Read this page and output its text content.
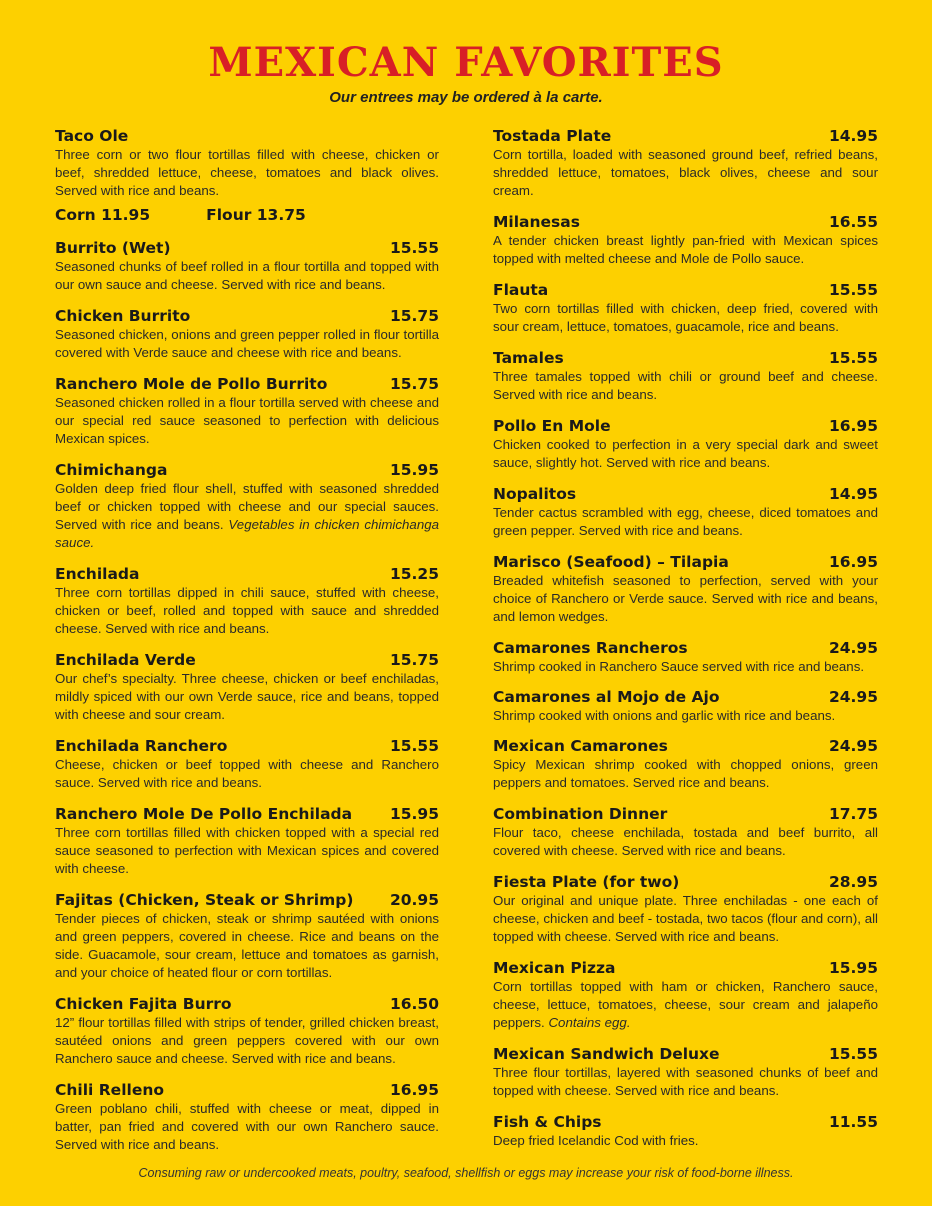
MEXICAN FAVORITES
Our entrees may be ordered à la carte.
Taco Ole
Three corn or two flour tortillas filled with cheese, chicken or beef, shredded lettuce, cheese, tomatoes and black olives. Served with rice and beans.
Corn 11.95	Flour 13.75
Burrito (Wet)	15.55
Seasoned chunks of beef rolled in a flour tortilla and topped with our own sauce and cheese. Served with rice and beans.
Chicken Burrito	15.75
Seasoned chicken, onions and green pepper rolled in flour tortilla covered with Verde sauce and cheese with rice and beans.
Ranchero Mole de Pollo Burrito	15.75
Seasoned chicken rolled in a flour tortilla served with cheese and our special red sauce seasoned to perfection with delicious Mexican spices.
Chimichanga	15.95
Golden deep fried flour shell, stuffed with seasoned shredded beef or chicken topped with cheese and our special sauces. Served with rice and beans. Vegetables in chicken chimichanga sauce.
Enchilada	15.25
Three corn tortillas dipped in chili sauce, stuffed with cheese, chicken or beef, rolled and topped with sauce and shredded cheese. Served with rice and beans.
Enchilada Verde	15.75
Our chef’s specialty. Three cheese, chicken or beef enchiladas, mildly spiced with our own Verde sauce, rice and beans, topped with cheese and sour cream.
Enchilada Ranchero	15.55
Cheese, chicken or beef topped with cheese and Ranchero sauce. Served with rice and beans.
Ranchero Mole De Pollo Enchilada 15.95
Three corn tortillas filled with chicken topped with a special red sauce seasoned to perfection with Mexican spices and covered with cheese.
Fajitas (Chicken, Steak or Shrimp) 20.95
Tender pieces of chicken, steak or shrimp sautéed with onions and green peppers, covered in cheese. Rice and beans on the side. Guacamole, sour cream, lettuce and tomatoes as garnish, and your choice of heated flour or corn tortillas.
Chicken Fajita Burro	16.50
12” flour tortillas filled with strips of tender, grilled chicken breast, sautéed onions and green peppers covered with our own Ranchero sauce and cheese. Served with rice and beans.
Chili Relleno	16.95
Green poblano chili, stuffed with cheese or meat, dipped in batter, pan fried and covered with our own Ranchero sauce. Served with rice and beans.
Tostada Plate	14.95
Corn tortilla, loaded with seasoned ground beef, refried beans, shredded lettuce, tomatoes, black olives, cheese and sour cream.
Milanesas	16.55
A tender chicken breast lightly pan-fried with Mexican spices topped with melted cheese and Mole de Pollo sauce.
Flauta	15.55
Two corn tortillas filled with chicken, deep fried, covered with sour cream, lettuce, tomatoes, guacamole, rice and beans.
Tamales	15.55
Three tamales topped with chili or ground beef and cheese. Served with rice and beans.
Pollo En Mole	16.95
Chicken cooked to perfection in a very special dark and sweet sauce, slightly hot. Served with rice and beans.
Nopalitos	14.95
Tender cactus scrambled with egg, cheese, diced tomatoes and green pepper. Served with rice and beans.
Marisco (Seafood) – Tilapia	16.95
Breaded whitefish seasoned to perfection, served with your choice of Ranchero or Verde sauce. Served with rice and beans, and lemon wedges.
Camarones Rancheros	24.95
Shrimp cooked in Ranchero Sauce served with rice and beans.
Camarones al Mojo de Ajo	24.95
Shrimp cooked with onions and garlic with rice and beans.
Mexican Camarones	24.95
Spicy Mexican shrimp cooked with chopped onions, green peppers and tomatoes. Served rice and beans.
Combination Dinner	17.75
Flour taco, cheese enchilada, tostada and beef burrito, all covered with cheese. Served with rice and beans.
Fiesta Plate (for two)	28.95
Our original and unique plate. Three enchiladas - one each of cheese, chicken and beef - tostada, two tacos (flour and corn), all topped with cheese. Served with rice and beans.
Mexican Pizza	15.95
Corn tortillas topped with ham or chicken, Ranchero sauce, cheese, lettuce, tomatoes, cheese, sour cream and jalapeño peppers. Contains egg.
Mexican Sandwich Deluxe	15.55
Three flour tortillas, layered with seasoned chunks of beef and topped with cheese. Served with rice and beans.
Fish & Chips	11.55
Deep fried Icelandic Cod with fries.
Consuming raw or undercooked meats, poultry, seafood, shellfish or eggs may increase your risk of food-borne illness.
